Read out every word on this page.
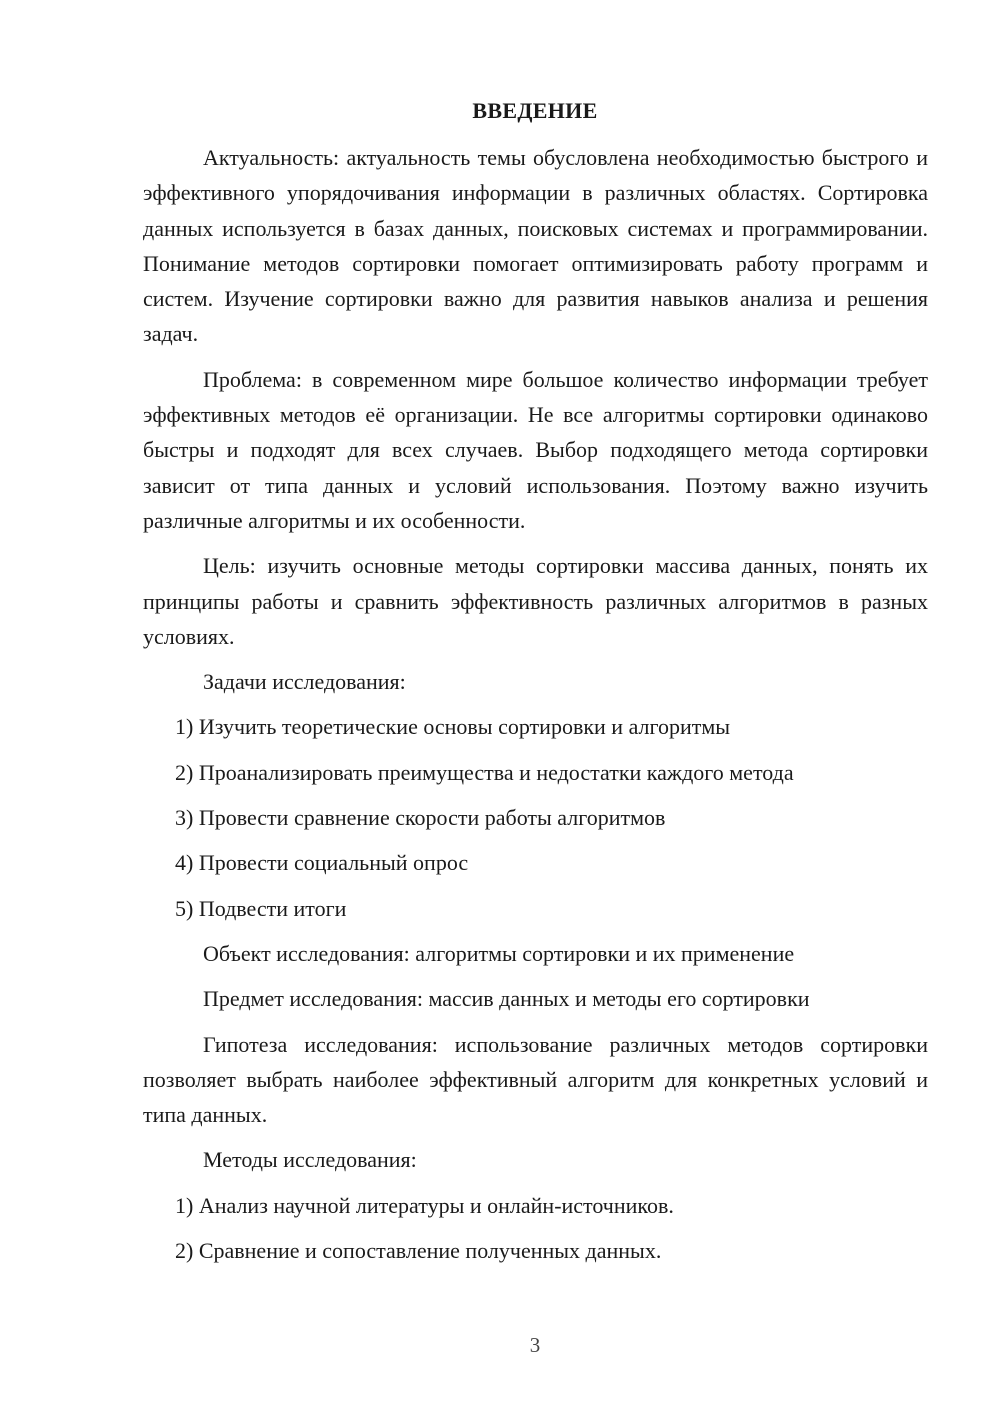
ВВЕДЕНИЕ

Актуальность: актуальность темы обусловлена необходимостью быстрого и эффективного упорядочивания информации в различных областях. Сортировка данных используется в базах данных, поисковых системах и программировании. Понимание методов сортировки помогает оптимизировать работу программ и систем. Изучение сортировки важно для развития навыков анализа и решения задач.

Проблема: в современном мире большое количество информации требует эффективных методов её организации. Не все алгоритмы сортировки одинаково быстры и подходят для всех случаев. Выбор подходящего метода сортировки зависит от типа данных и условий использования. Поэтому важно изучить различные алгоритмы и их особенности.

Цель: изучить основные методы сортировки массива данных, понять их принципы работы и сравнить эффективность различных алгоритмов в разных условиях.

Задачи исследования:

1) Изучить теоретические основы сортировки и алгоритмы

2) Проанализировать преимущества и недостатки каждого метода

3) Провести сравнение скорости работы алгоритмов

4) Провести социальный опрос

5) Подвести итоги

Объект исследования: алгоритмы сортировки и их применение

Предмет исследования: массив данных и методы его сортировки

Гипотеза исследования: использование различных методов сортировки позволяет выбрать наиболее эффективный алгоритм для конкретных условий и типа данных.

Методы исследования:

1) Анализ научной литературы и онлайн-источников.

2) Сравнение и сопоставление полученных данных.

3
